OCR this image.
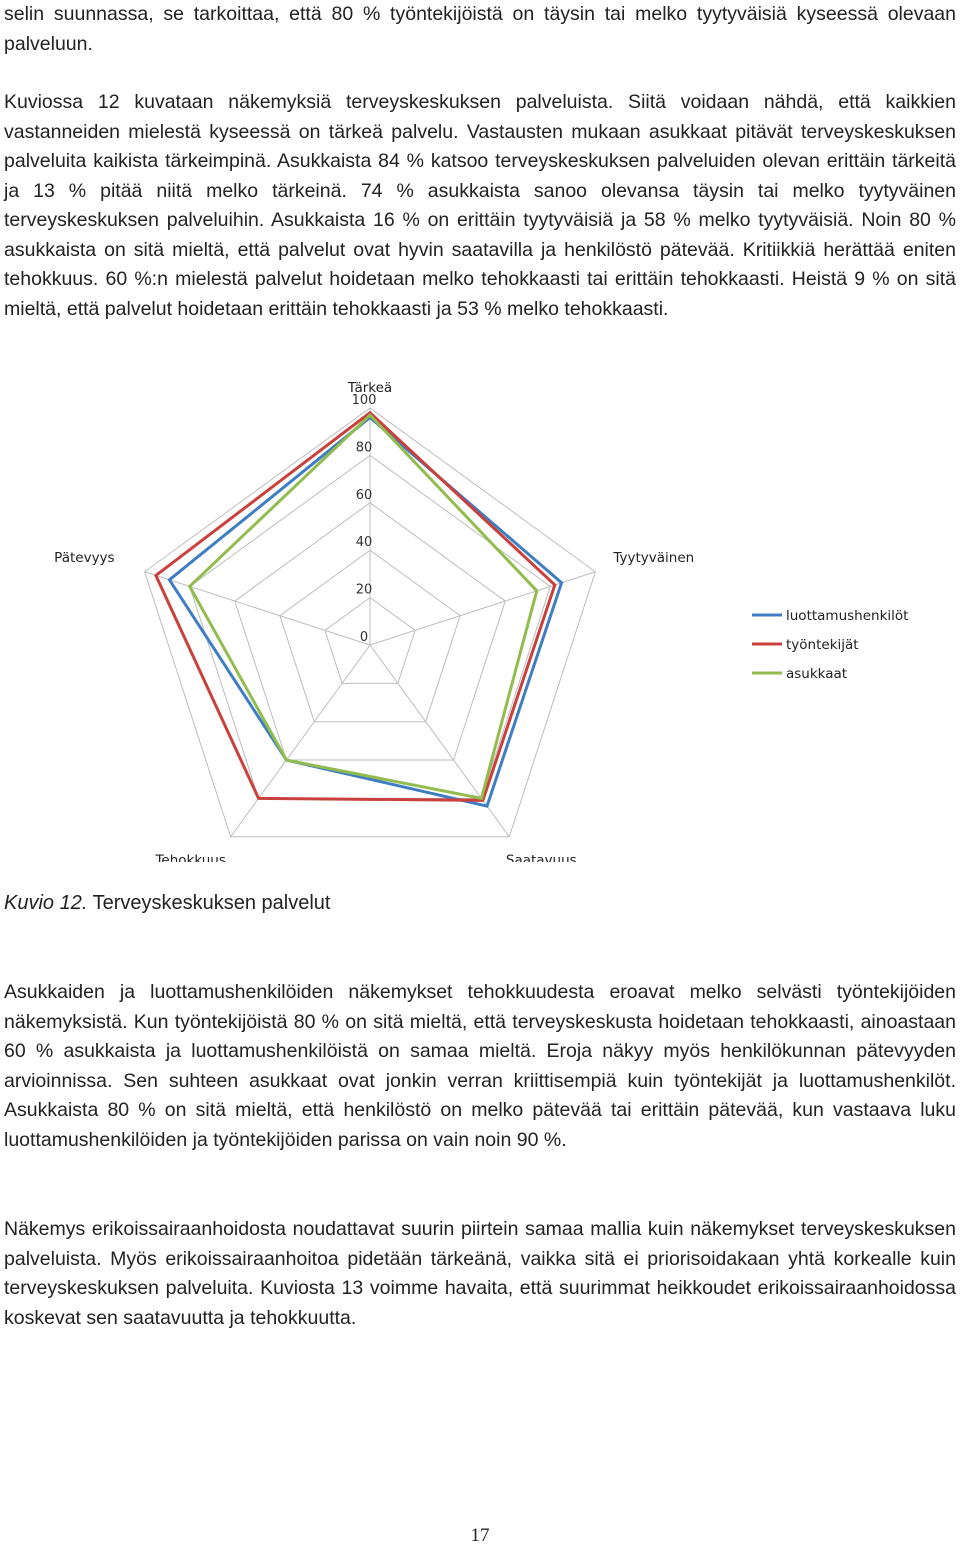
selin suunnassa, se tarkoittaa, että 80 % työntekijöistä on täysin tai melko tyytyväisiä kyseessä olevaan palveluun.

Kuviossa 12 kuvataan näkemyksiä terveyskeskuksen palveluista. Siitä voidaan nähdä, että kaikkien vastanneiden mielestä kyseessä on tärkeä palvelu. Vastausten mukaan asukkaat pitävät terveyskeskuksen palveluita kaikista tärkeimpinä. Asukkaista 84 % katsoo terveyskeskuksen palveluiden olevan erittäin tärkeitä ja 13 % pitää niitä melko tärkeinä. 74 % asukkaista sanoo olevansa täysin tai melko tyytyväinen terveyskeskuksen palveluihin. Asukkaista 16 % on erittäin tyytyväisiä ja 58 % melko tyytyväisiä. Noin 80 % asukkaista on sitä mieltä, että palvelut ovat hyvin saatavilla ja henkilöstö pätevää. Kritiikkiä herättää eniten tehokkuus. 60 %:n mielestä palvelut hoidetaan melko tehokkaasti tai erittäin tehokkaasti. Heistä 9 % on sitä mieltä, että palvelut hoidetaan erittäin tehokkaasti ja 53 % melko tehokkaasti.

0
20
40
60
80
100
Tärkeä
Tyytyväinen
Saatavuus
Tehokkuus
Pätevyys
luottamushenkilöt
työntekijät
asukkaat

Kuvio 12. Terveyskeskuksen palvelut

Asukkaiden ja luottamushenkilöiden näkemykset tehokkuudesta eroavat melko selvästi työntekijöiden näkemyksistä. Kun työntekijöistä 80 % on sitä mieltä, että terveyskeskusta hoidetaan tehokkaasti, ainoastaan 60 % asukkaista ja luottamushenkilöistä on samaa mieltä. Eroja näkyy myös henkilökunnan pätevyyden arvioinnissa. Sen suhteen asukkaat ovat jonkin verran kriittisempiä kuin työntekijät ja luottamushenkilöt. Asukkaista 80 % on sitä mieltä, että henkilöstö on melko pätevää tai erittäin pätevää, kun vastaava luku luottamushenkilöiden ja työntekijöiden parissa on vain noin 90 %.

Näkemys erikoissairaanhoidosta noudattavat suurin piirtein samaa mallia kuin näkemykset terveyskeskuksen palveluista. Myös erikoissairaanhoitoa pidetään tärkeänä, vaikka sitä ei priorisoidakaan yhtä korkealle kuin terveyskeskuksen palveluita. Kuviosta 13 voimme havaita, että suurimmat heikkoudet erikoissairaanhoidossa koskevat sen saatavuutta ja tehokkuutta.

17
